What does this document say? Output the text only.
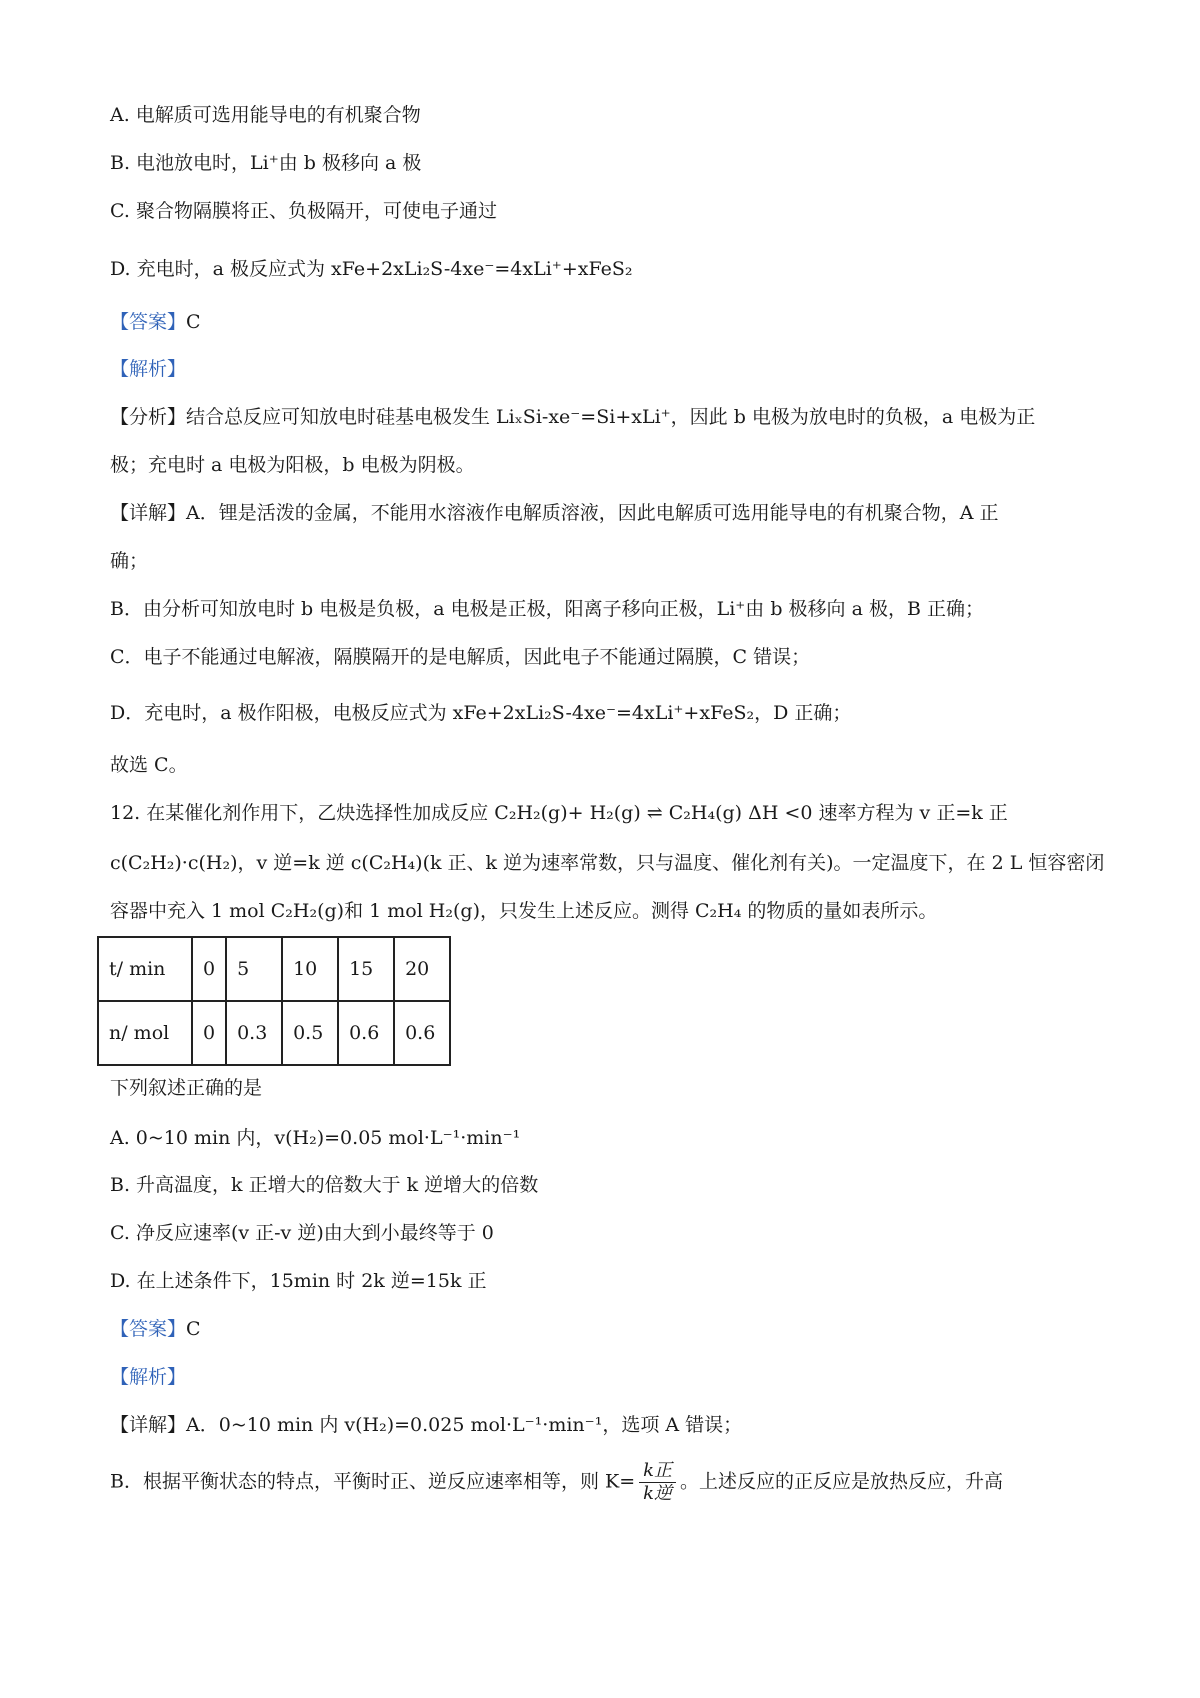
A. 电解质可选用能导电的有机聚合物
B. 电池放电时，Li⁺由 b 极移向 a 极
C. 聚合物隔膜将正、负极隔开，可使电子通过
D. 充电时，a 极反应式为 xFe+2xLi₂S-4xe⁻=4xLi⁺+xFeS₂
【答案】C
【解析】
【分析】结合总反应可知放电时硅基电极发生 LiₓSi-xe⁻=Si+xLi⁺，因此 b 电极为放电时的负极，a 电极为正
极；充电时 a 电极为阳极，b 电极为阴极。
【详解】A．锂是活泼的金属，不能用水溶液作电解质溶液，因此电解质可选用能导电的有机聚合物，A 正
确；
B．由分析可知放电时 b 电极是负极，a 电极是正极，阳离子移向正极，Li⁺由 b 极移向 a 极，B 正确；
C．电子不能通过电解液，隔膜隔开的是电解质，因此电子不能通过隔膜，C 错误；
D．充电时，a 极作阳极，电极反应式为 xFe+2xLi₂S-4xe⁻=4xLi⁺+xFeS₂，D 正确；
故选 C。
12. 在某催化剂作用下，乙炔选择性加成反应 C₂H₂(g)+ H₂(g) ⇌ C₂H₄(g) ΔH <0 速率方程为 v 正=k 正
c(C₂H₂)·c(H₂)，v 逆=k 逆 c(C₂H₄)(k 正、k 逆为速率常数，只与温度、催化剂有关)。一定温度下，在 2 L 恒容密闭
容器中充入 1 mol C₂H₂(g)和 1 mol H₂(g)，只发生上述反应。测得 C₂H₄ 的物质的量如表所示。
t/ min	0	5	10	15	20
n/ mol	0	0.3	0.5	0.6	0.6
下列叙述正确的是
A. 0~10 min 内，v(H₂)=0.05 mol·L⁻¹·min⁻¹
B. 升高温度，k 正增大的倍数大于 k 逆增大的倍数
C. 净反应速率(v 正-v 逆)由大到小最终等于 0
D. 在上述条件下，15min 时 2k 逆=15k 正
【答案】C
【解析】
【详解】A．0~10 min 内 v(H₂)=0.025 mol·L⁻¹·min⁻¹，选项 A 错误；
B．根据平衡状态的特点，平衡时正、逆反应速率相等，则 $K= \frac{\text{k正}}{\text{k逆}}$ 。上述反应的正反应是放热反应，升高
